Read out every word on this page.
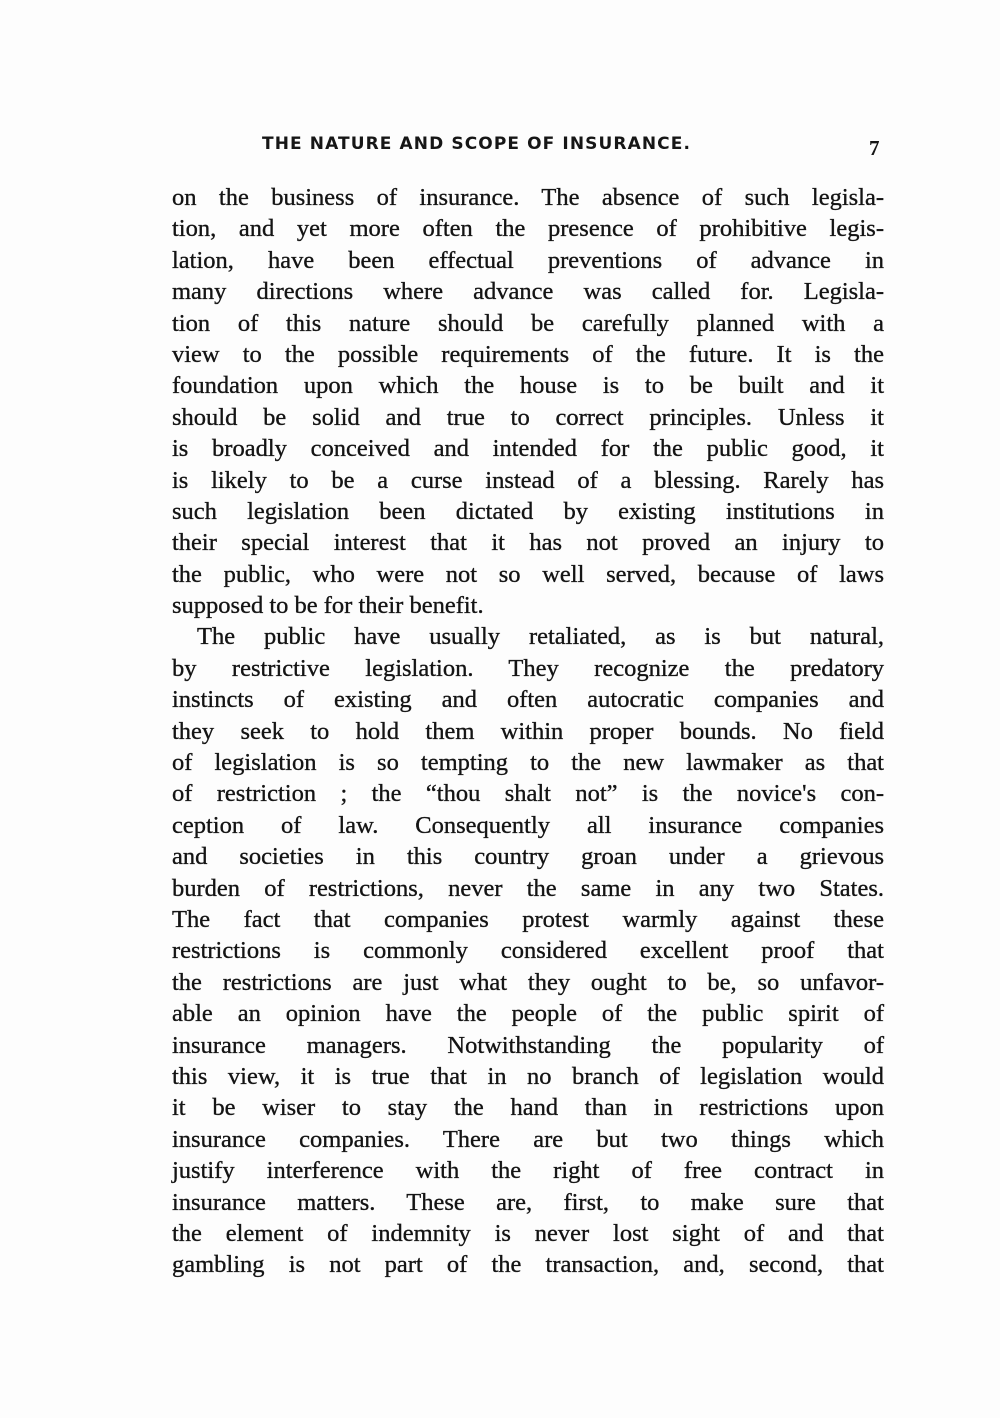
THE NATURE AND SCOPE OF INSURANCE.	7
on the business of insurance. The absence of such legisla-
tion, and yet more often the presence of prohibitive legis-
lation, have been effectual preventions of advance in
many directions where advance was called for. Legisla-
tion of this nature should be carefully planned with a
view to the possible requirements of the future. It is the
foundation upon which the house is to be built and it
should be solid and true to correct principles. Unless it
is broadly conceived and intended for the public good, it
is likely to be a curse instead of a blessing. Rarely has
such legislation been dictated by existing institutions in
their special interest that it has not proved an injury to
the public, who were not so well served, because of laws
supposed to be for their benefit.
The public have usually retaliated, as is but natural,
by restrictive legislation. They recognize the predatory
instincts of existing and often autocratic companies and
they seek to hold them within proper bounds. No field
of legislation is so tempting to the new lawmaker as that
of restriction ; the “thou shalt not” is the novice's con-
ception of law. Consequently all insurance companies
and societies in this country groan under a grievous
burden of restrictions, never the same in any two States.
The fact that companies protest warmly against these
restrictions is commonly considered excellent proof that
the restrictions are just what they ought to be, so unfavor-
able an opinion have the people of the public spirit of
insurance managers. Notwithstanding the popularity of
this view, it is true that in no branch of legislation would
it be wiser to stay the hand than in restrictions upon
insurance companies. There are but two things which
justify interference with the right of free contract in
insurance matters. These are, first, to make sure that
the element of indemnity is never lost sight of and that
gambling is not part of the transaction, and, second, that
